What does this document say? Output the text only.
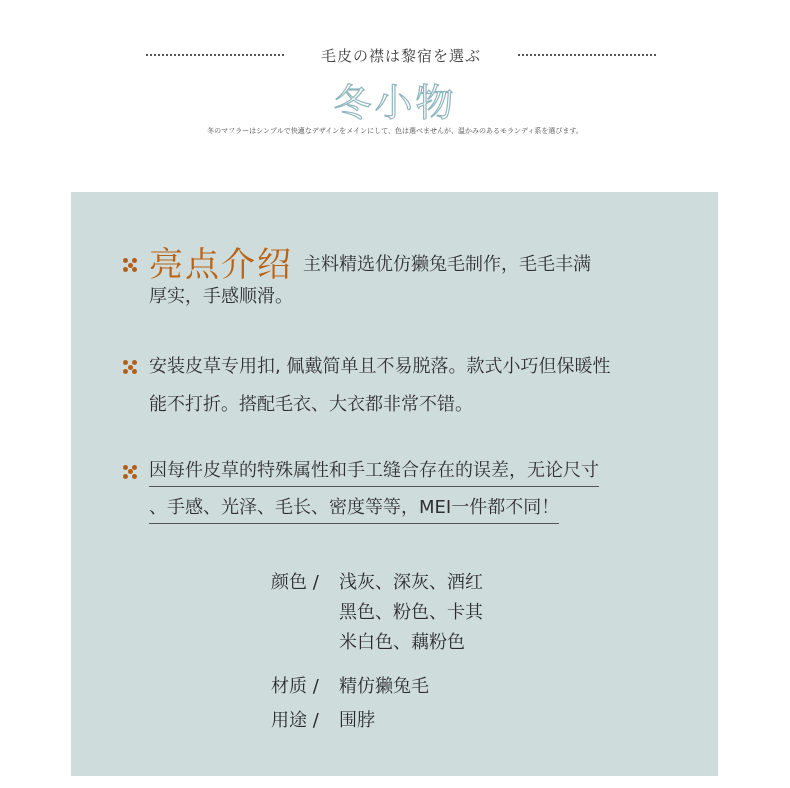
毛皮の襟は黎宿を選ぶ
冬小物
冬のマフラーはシンプルで快適なデザインをメインにして、色は選べませんが、温かみのあるモランディ系を選びます。
亮点介绍 主料精选优仿獭兔毛制作，毛毛丰满
厚实，手感顺滑。
安装皮草专用扣, 佩戴简单且不易脱落。款式小巧但保暖性
能不打折。搭配毛衣、大衣都非常不错。
因每件皮草的特殊属性和手工缝合存在的误差，无论尺寸
、手感、光泽、毛长、密度等等，MEI一件都不同！
颜色 /	浅灰、深灰、酒红
黑色、粉色、卡其
米白色、藕粉色
材质 /	精仿獭兔毛
用途 /	围脖
